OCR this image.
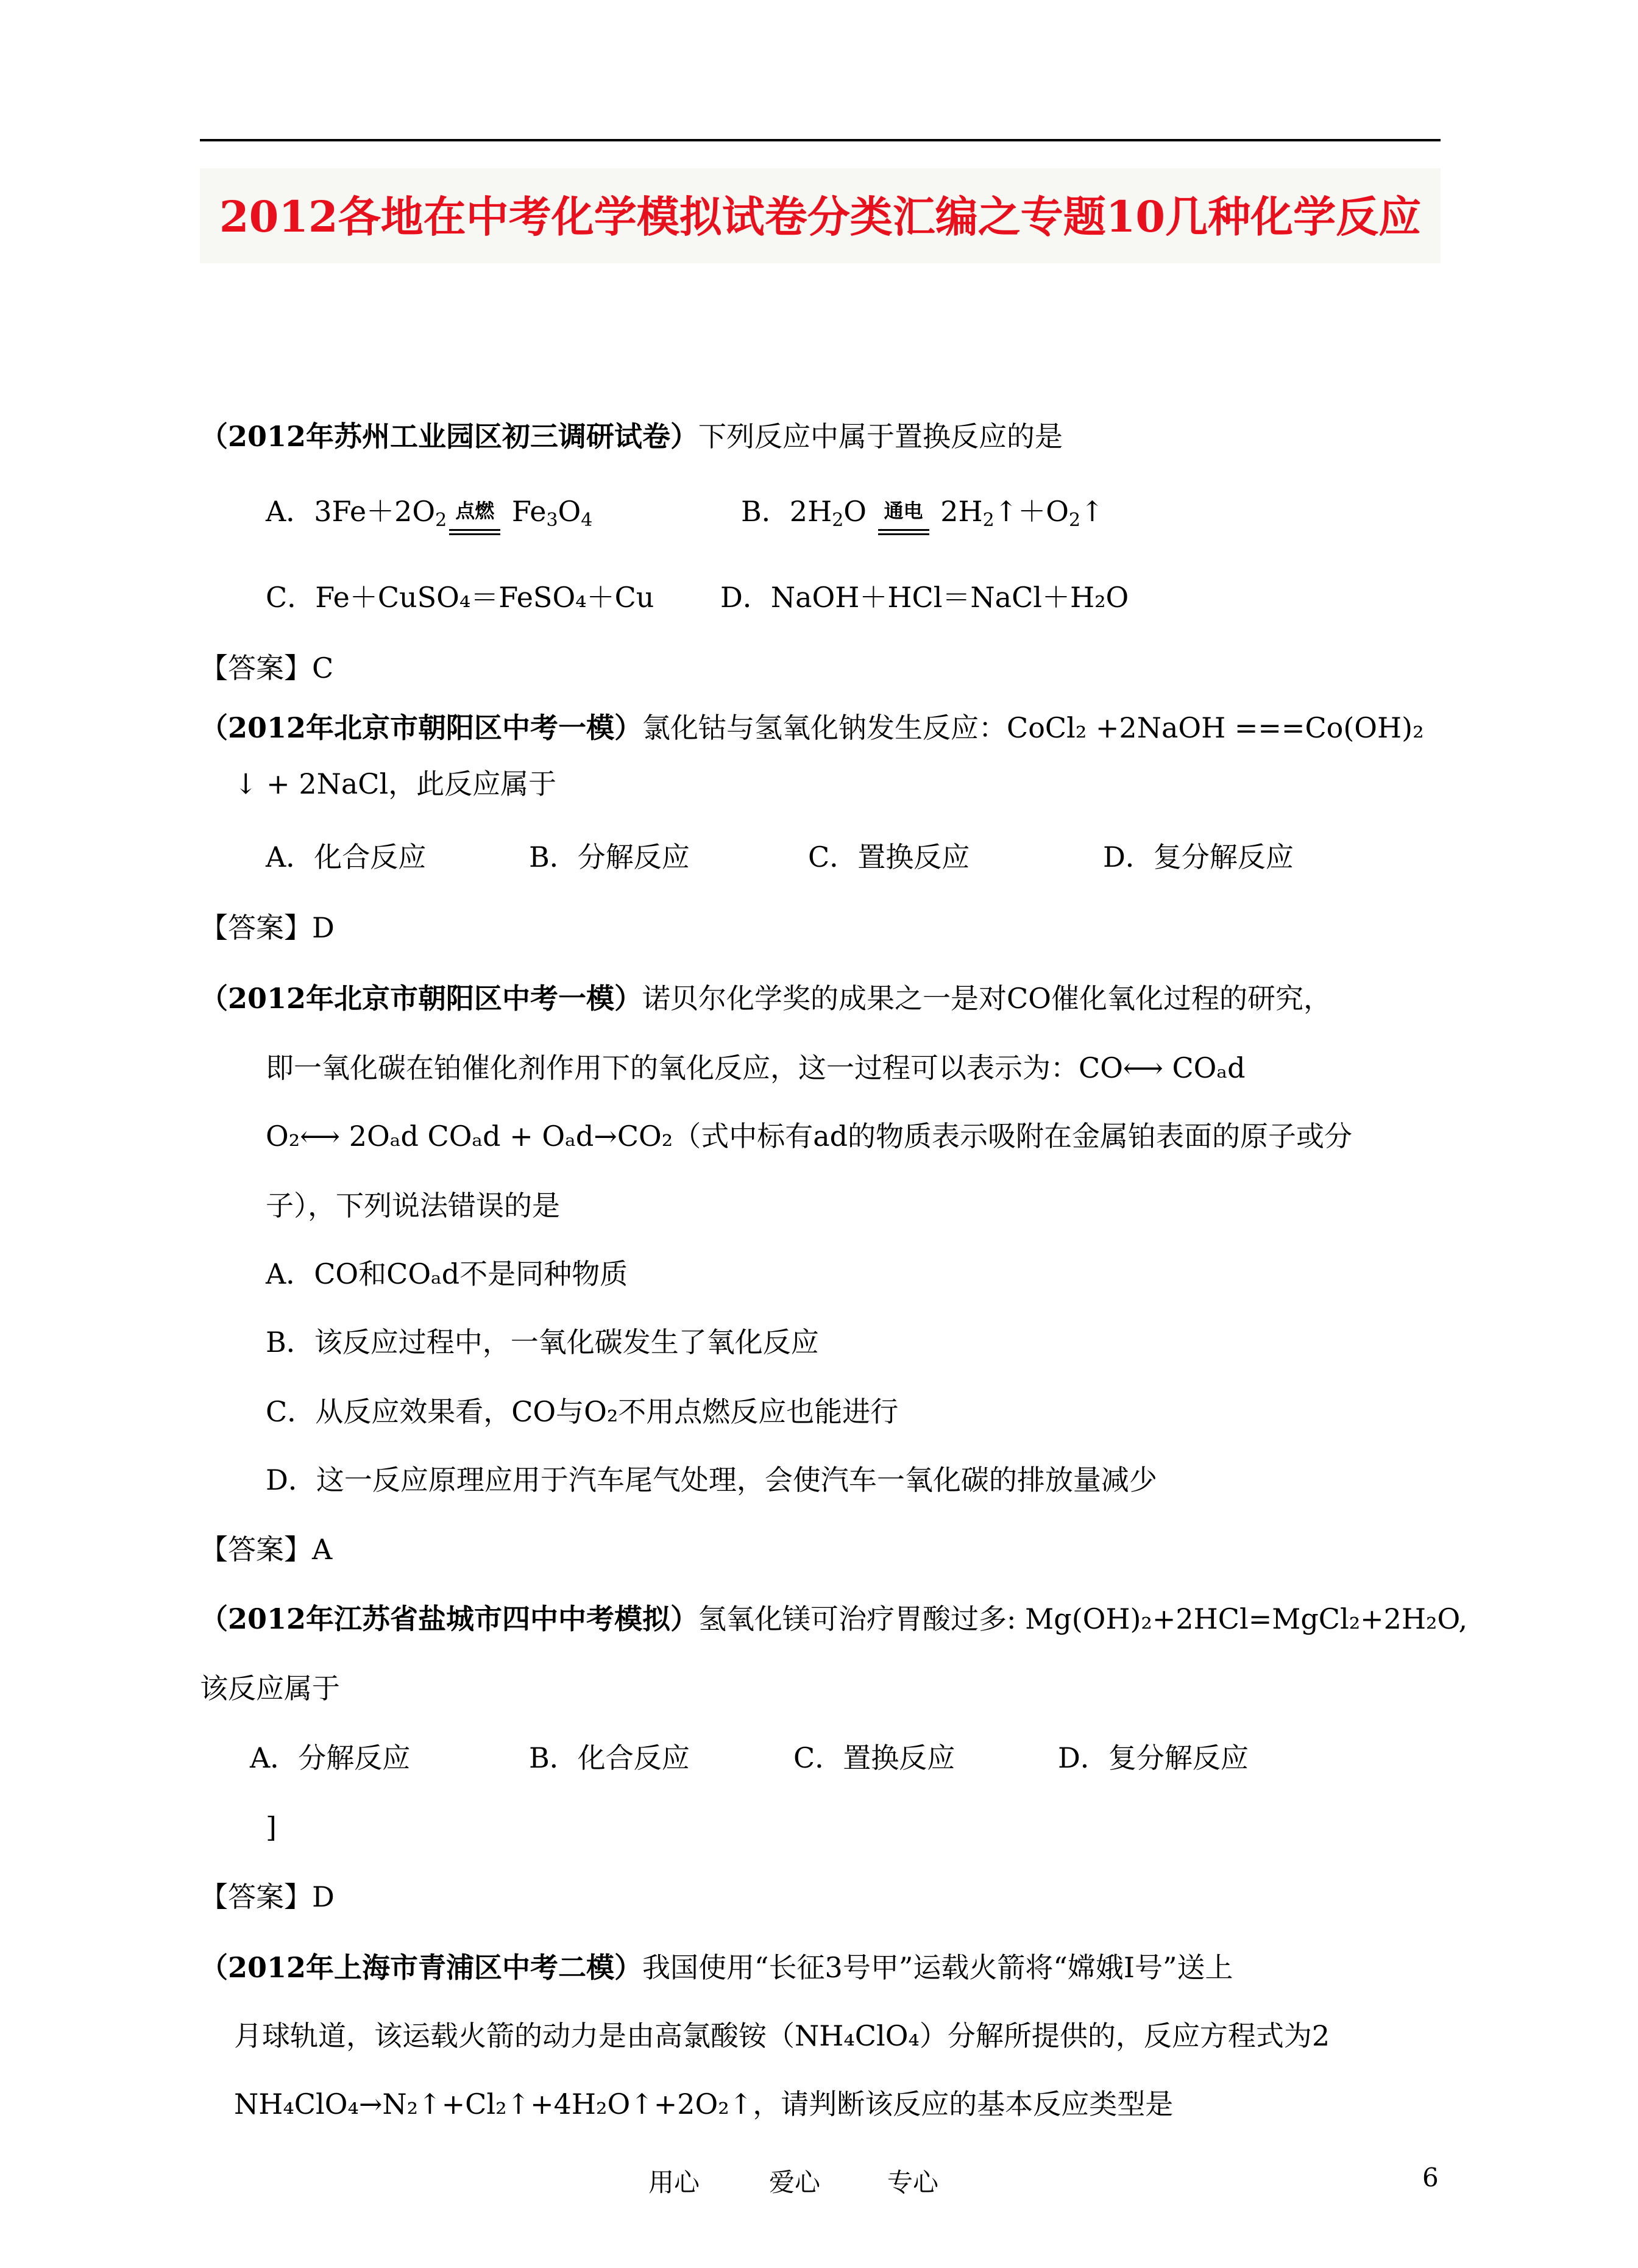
2012各地在中考化学模拟试卷分类汇编之专题10几种化学反应
（2012年苏州工业园区初三调研试卷）下列反应中属于置换反应的是
A．$3Fe+2O_2$ 点燃 $Fe_3O_4$	B．$2H_2O$ 通电 $2H_2↑+O_2↑$
C．Fe＋CuSO₄＝FeSO₄＋Cu D．NaOH＋HCl＝NaCl＋H₂O
【答案】C
（2012年北京市朝阳区中考一模）氯化钴与氢氧化钠发生反应：CoCl₂ +2NaOH ===Co(OH)₂
↓ + 2NaCl，此反应属于
A．化合反应	B．分解反应	C．置换反应	D．复分解反应
【答案】D
（2012年北京市朝阳区中考一模）诺贝尔化学奖的成果之一是对CO催化氧化过程的研究，
即一氧化碳在铂催化剂作用下的氧化反应，这一过程可以表示为：CO⟷ COₐd
O₂⟷ 2Oₐd COₐd + Oₐd→CO₂（式中标有ad的物质表示吸附在金属铂表面的原子或分
子），下列说法错误的是
A．CO和COₐd不是同种物质
B．该反应过程中，一氧化碳发生了氧化反应
C．从反应效果看，CO与O₂不用点燃反应也能进行
D．这一反应原理应用于汽车尾气处理，会使汽车一氧化碳的排放量减少
【答案】A
（2012年江苏省盐城市四中中考模拟）氢氧化镁可治疗胃酸过多: Mg(OH)₂+2HCl=MgCl₂+2H₂O,
该反应属于
A．分解反应	B．化合反应	C．置换反应	D．复分解反应
]
【答案】D
（2012年上海市青浦区中考二模）我国使用“长征3号甲”运载火箭将“嫦娥Ⅰ号”送上
月球轨道，该运载火箭的动力是由高氯酸铵（NH₄ClO₄）分解所提供的，反应方程式为2
NH₄ClO₄→N₂↑+Cl₂↑+4H₂O↑+2O₂↑，请判断该反应的基本反应类型是
用心	爱心	专心	6
